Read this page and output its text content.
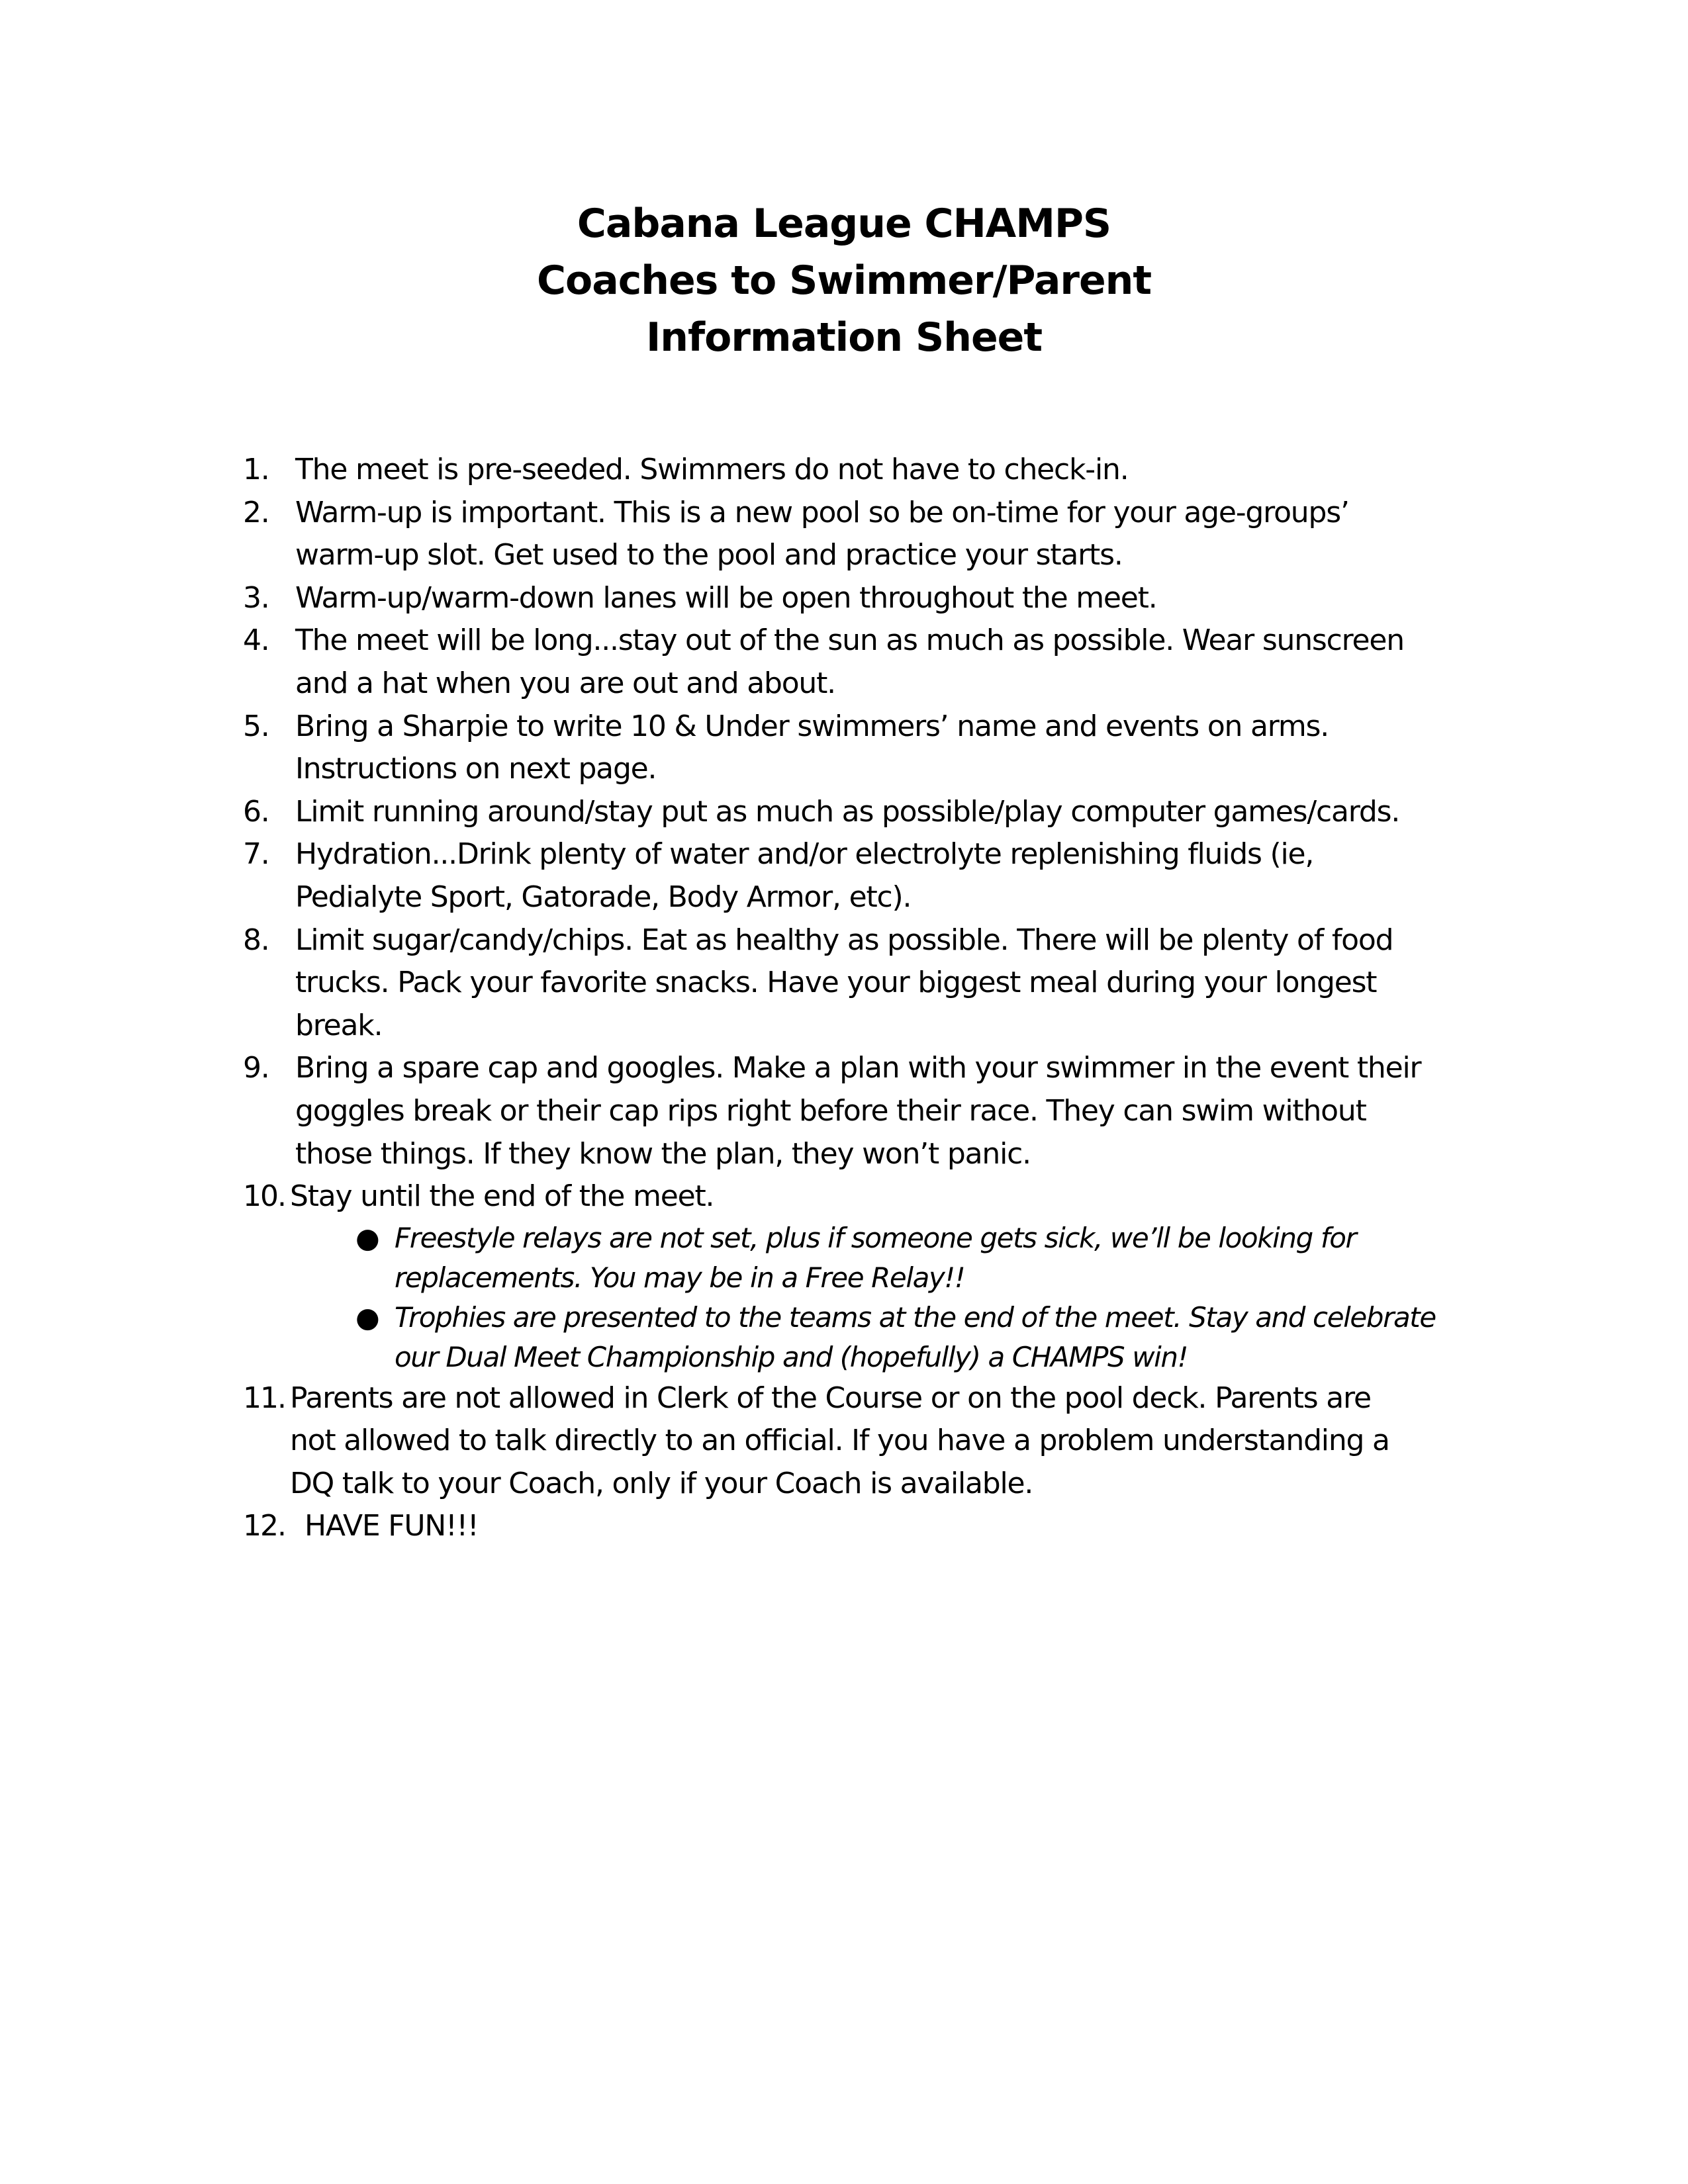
Cabana League CHAMPS
Coaches to Swimmer/Parent
Information Sheet
1. The meet is pre-seeded. Swimmers do not have to check-in.
2. Warm-up is important. This is a new pool so be on-time for your age-groups’
warm-up slot. Get used to the pool and practice your starts.
3. Warm-up/warm-down lanes will be open throughout the meet.
4. The meet will be long...stay out of the sun as much as possible. Wear sunscreen
and a hat when you are out and about.
5. Bring a Sharpie to write 10 & Under swimmers’ name and events on arms.
Instructions on next page.
6. Limit running around/stay put as much as possible/play computer games/cards.
7. Hydration...Drink plenty of water and/or electrolyte replenishing fluids (ie,
Pedialyte Sport, Gatorade, Body Armor, etc).
8. Limit sugar/candy/chips. Eat as healthy as possible. There will be plenty of food
trucks. Pack your favorite snacks. Have your biggest meal during your longest
break.
9. Bring a spare cap and googles. Make a plan with your swimmer in the event their
goggles break or their cap rips right before their race. They can swim without
those things. If they know the plan, they won’t panic.
10. Stay until the end of the meet.
● Freestyle relays are not set, plus if someone gets sick, we’ll be looking for
replacements. You may be in a Free Relay!!
● Trophies are presented to the teams at the end of the meet. Stay and celebrate
our Dual Meet Championship and (hopefully) a CHAMPS win!
11. Parents are not allowed in Clerk of the Course or on the pool deck. Parents are
not allowed to talk directly to an official. If you have a problem understanding a
DQ talk to your Coach, only if your Coach is available.
12. HAVE FUN!!!
